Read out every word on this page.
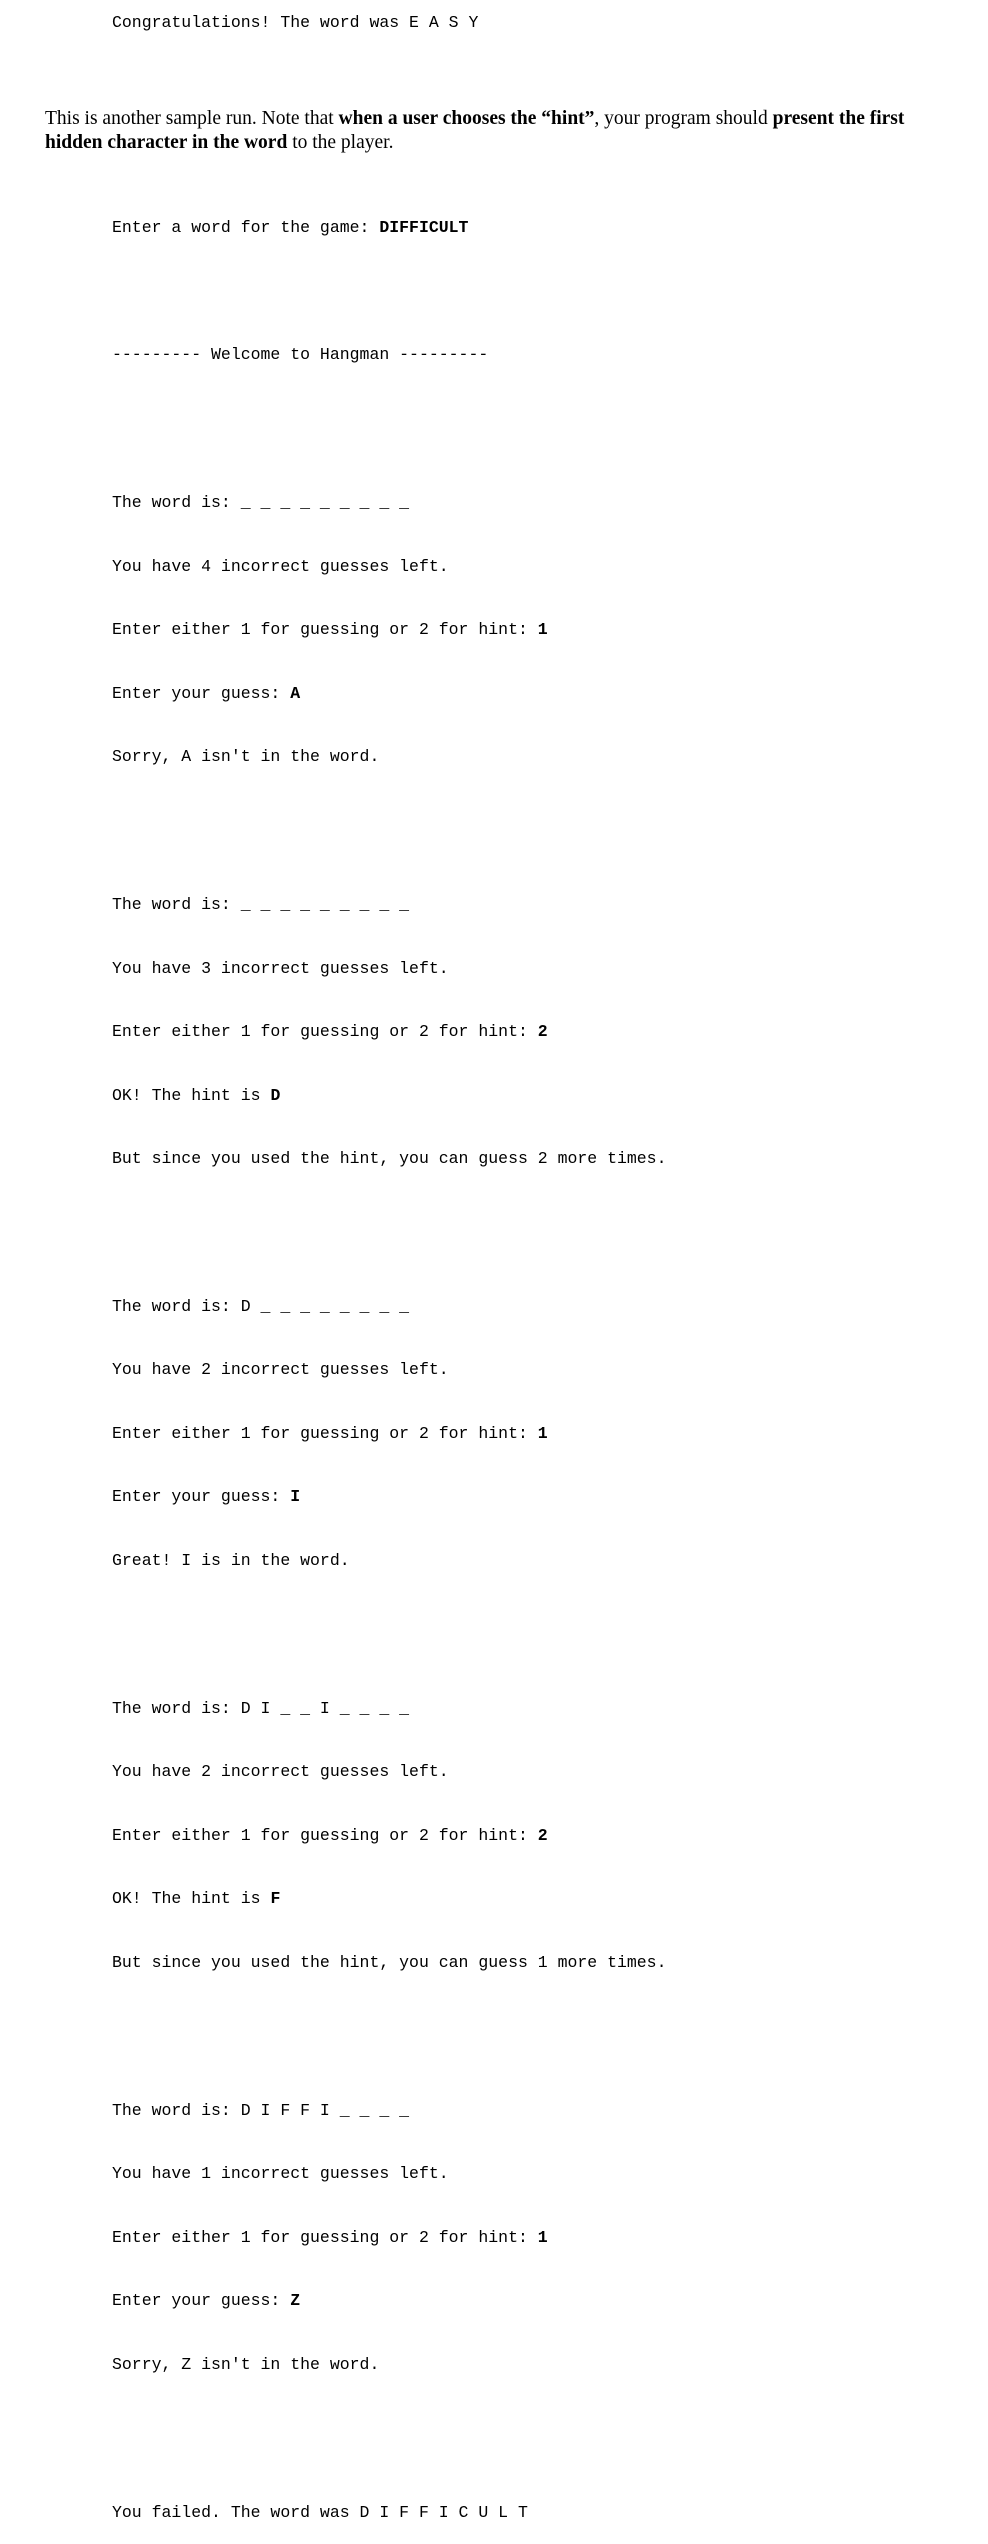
Congratulations! The word was E A S Y
This is another sample run. Note that when a user chooses the “hint”, your program should present the first hidden character in the word to the player.

Enter a word for the game: DIFFICULT

--------- Welcome to Hangman ---------

The word is: _ _ _ _ _ _ _ _ _

You have 4 incorrect guesses left.

Enter either 1 for guessing or 2 for hint: 1

Enter your guess: A

Sorry, A isn't in the word.

The word is: _ _ _ _ _ _ _ _ _

You have 3 incorrect guesses left.

Enter either 1 for guessing or 2 for hint: 2

OK! The hint is D

But since you used the hint, you can guess 2 more times.

The word is: D _ _ _ _ _ _ _ _

You have 2 incorrect guesses left.

Enter either 1 for guessing or 2 for hint: 1

Enter your guess: I

Great! I is in the word.

The word is: D I _ _ I _ _ _ _

You have 2 incorrect guesses left.

Enter either 1 for guessing or 2 for hint: 2

OK! The hint is F

But since you used the hint, you can guess 1 more times.

The word is: D I F F I _ _ _ _

You have 1 incorrect guesses left.

Enter either 1 for guessing or 2 for hint: 1

Enter your guess: Z

Sorry, Z isn't in the word.

You failed. The word was D I F F I C U L T
